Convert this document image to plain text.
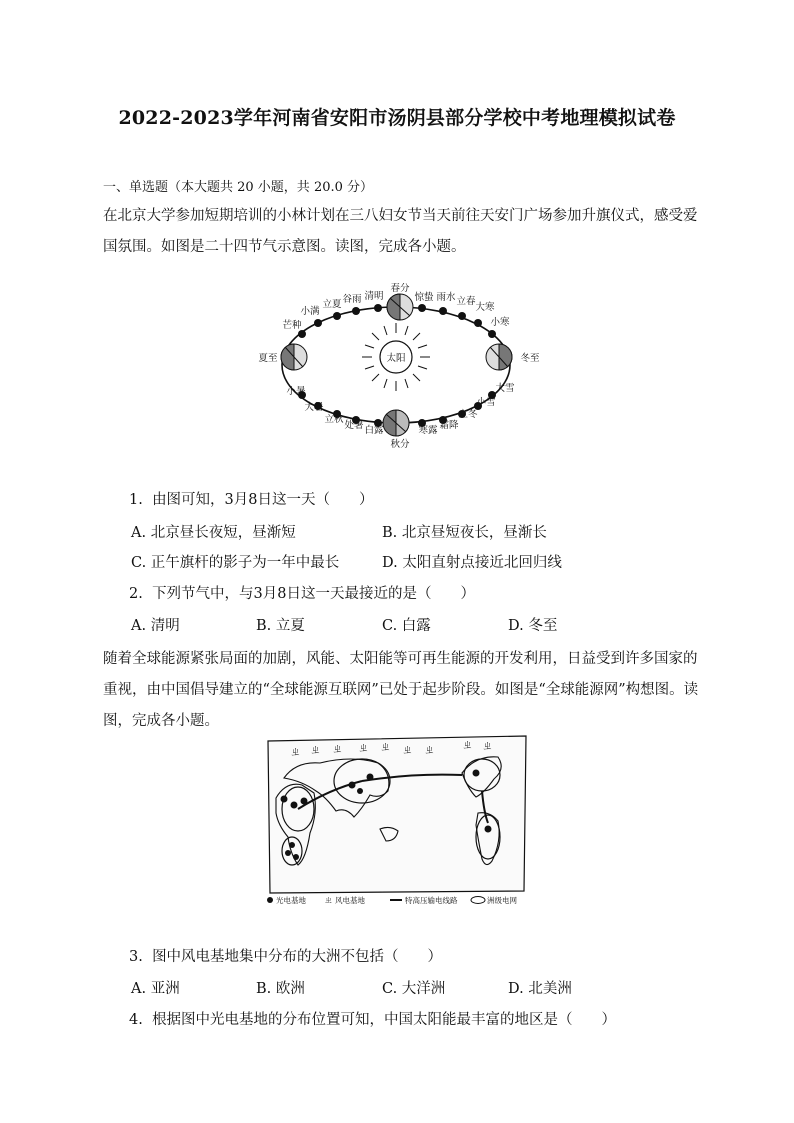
2022-2023学年河南省安阳市汤阴县部分学校中考地理模拟试卷
一、单选题（本大题共 20 小题，共 20.0 分）
在北京大学参加短期培训的小林计划在三八妇女节当天前往天安门广场参加升旗仪式，感受爱国氛围。如图是二十四节气示意图。读图，完成各小题。
太阳
春分
清明
谷雨
立夏
小满
芒种
夏至
小暑
大暑
立秋
处暑 白露
秋分
寒露 霜降
立冬
小雪
大雪
冬至
小寒
大寒
立春
雨水
惊蛰
1. 由图可知，3月8日这一天（　　）
A. 北京昼长夜短，昼渐短	B. 北京昼短夜长，昼渐长
C. 正午旗杆的影子为一年中最长	D. 太阳直射点接近北回归线
2. 下列节气中，与3月8日这一天最接近的是（　　）
A. 清明	B. 立夏	C. 白露	D. 冬至
随着全球能源紧张局面的加剧，风能、太阳能等可再生能源的开发利用，日益受到许多国家的重视，由中国倡导建立的“全球能源互联网”已处于起步阶段。如图是“全球能源网”构想图。读图，完成各小题。
ㄓ ㄓ ㄓ ㄓ ㄓ ㄓ ㄓ ㄓ ㄓ
光电基地 ㄓ 风电基地	特高压输电线路	洲级电网
3. 图中风电基地集中分布的大洲不包括（　　）
A. 亚洲	B. 欧洲	C. 大洋洲	D. 北美洲
4. 根据图中光电基地的分布位置可知，中国太阳能最丰富的地区是（　　）
